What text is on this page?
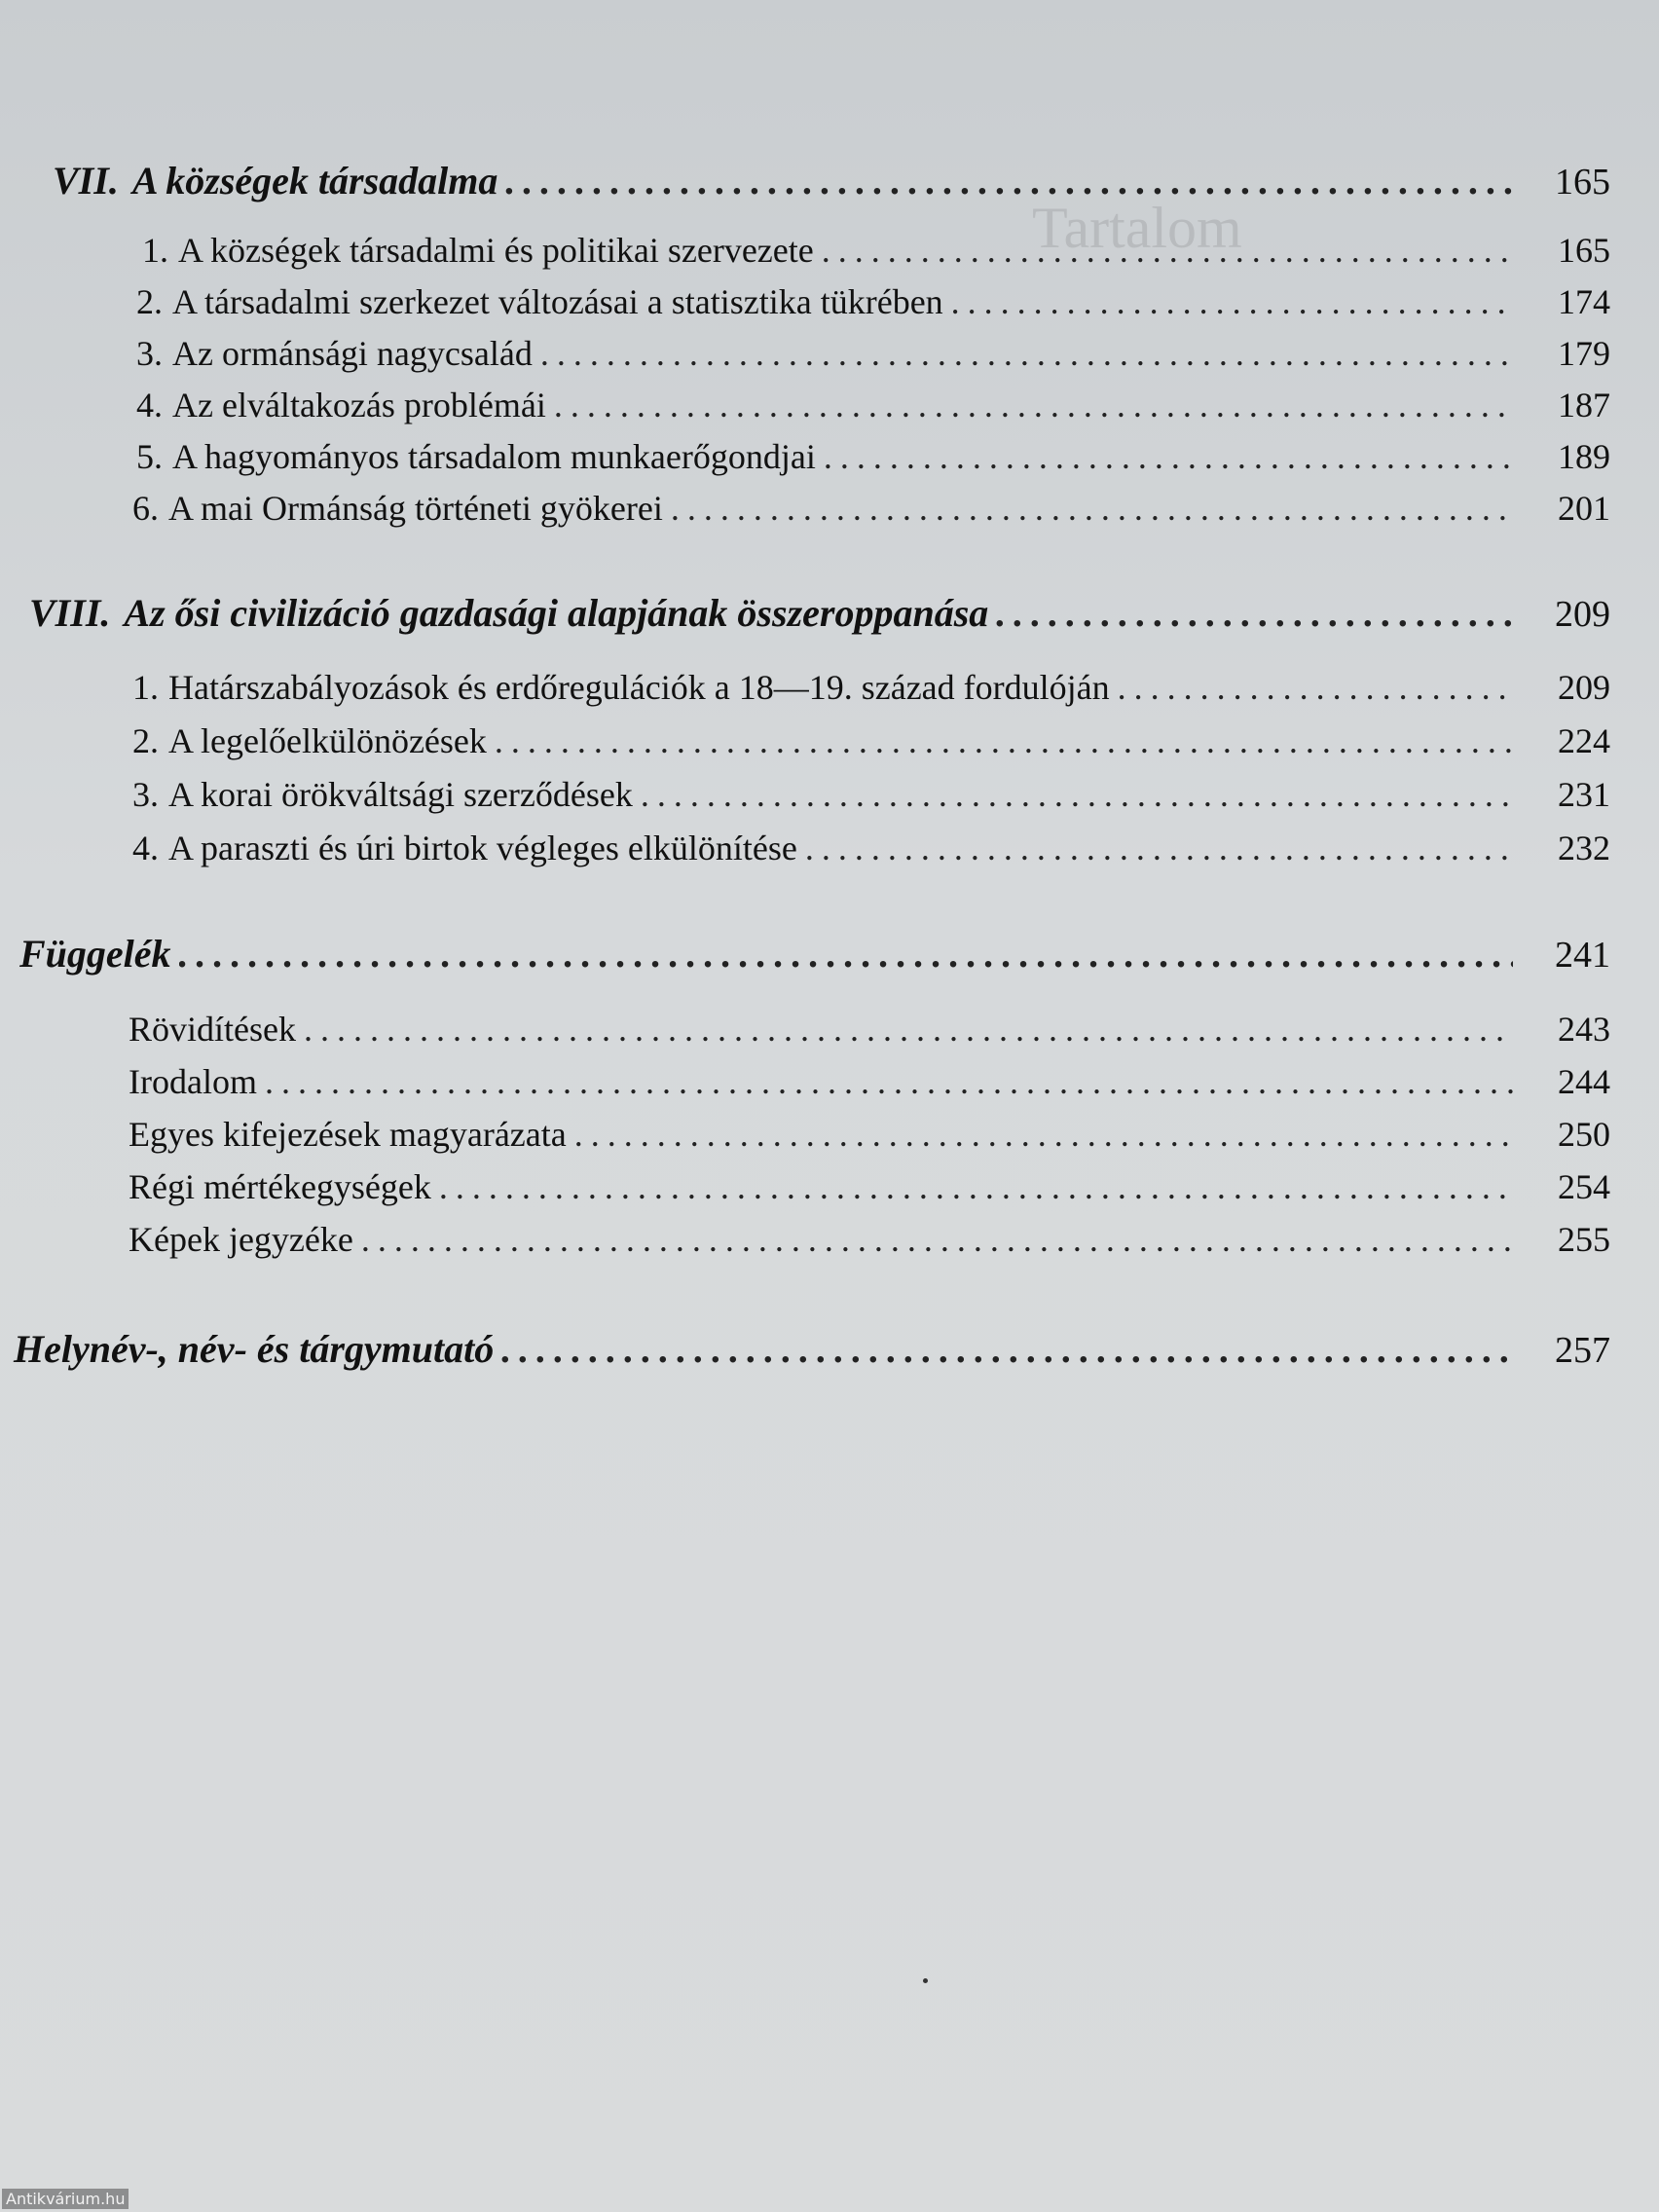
Tartalom
VII. A községek társadalma .....	165
1. A községek társadalmi és politikai szervezete .....	165
2. A társadalmi szerkezet változásai a statisztika tükrében .....	174
3. Az ormánsági nagycsalád .....	179
4. Az elváltakozás problémái .....	187
5. A hagyományos társadalom munkaerőgondjai .....	189
6. A mai Ormánság történeti gyökerei .....	201
VIII. Az ősi civilizáció gazdasági alapjának összeroppanása .....	209
1. Határszabályozások és erdőregulációk a 18—19. század fordulóján .....	209
2. A legelőelkülönözések .....	224
3. A korai örökváltsági szerződések .....	231
4. A paraszti és úri birtok végleges elkülönítése .....	232
Függelék .....	241
Rövidítések .....	243
Irodalom .....	244
Egyes kifejezések magyarázata .....	250
Régi mértékegységek .....	254
Képek jegyzéke .....	255
Helynév-, név- és tárgymutató .....	257
Antikvárium.hu
